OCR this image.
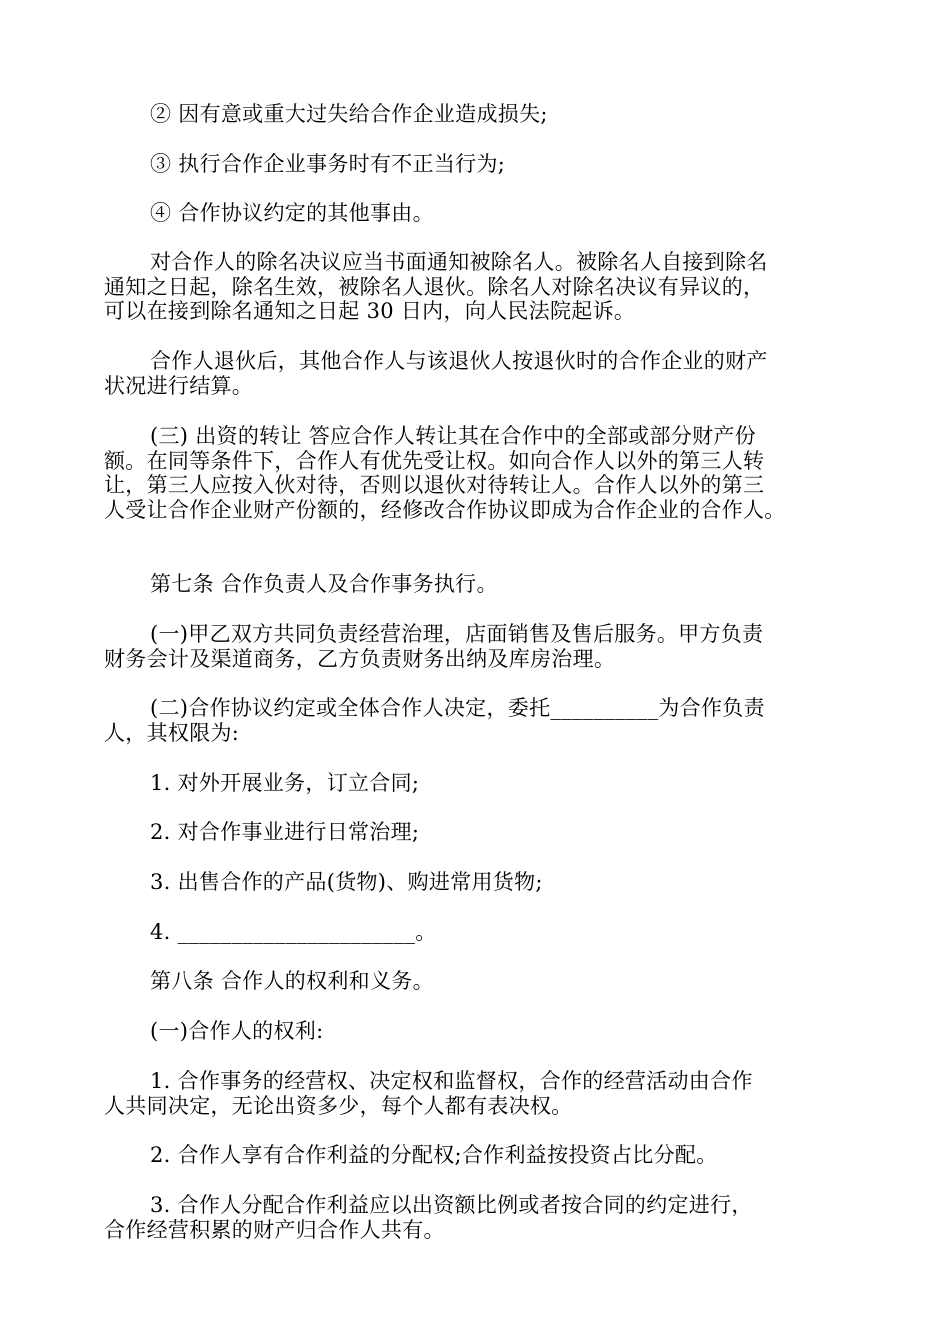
② 因有意或重大过失给合作企业造成损失;
③ 执行合作企业事务时有不正当行为;
④ 合作协议约定的其他事由。
对合作人的除名决议应当书面通知被除名人。被除名人自接到除名
通知之日起，除名生效，被除名人退伙。除名人对除名决议有异议的，
可以在接到除名通知之日起 30 日内，向人民法院起诉。
合作人退伙后，其他合作人与该退伙人按退伙时的合作企业的财产
状况进行结算。
(三) 出资的转让 答应合作人转让其在合作中的全部或部分财产份
额。在同等条件下，合作人有优先受让权。如向合作人以外的第三人转
让，第三人应按入伙对待，否则以退伙对待转让人。合作人以外的第三
人受让合作企业财产份额的，经修改合作协议即成为合作企业的合作人。
第七条 合作负责人及合作事务执行。
(一)甲乙双方共同负责经营治理，店面销售及售后服务。甲方负责
财务会计及渠道商务，乙方负责财务出纳及库房治理。
(二)合作协议约定或全体合作人决定，委托__________为合作负责
人，其权限为:
1. 对外开展业务，订立合同;
2. 对合作事业进行日常治理;
3. 出售合作的产品(货物)、购进常用货物;
4. ______________________。
第八条 合作人的权利和义务。
(一)合作人的权利:
1. 合作事务的经营权、决定权和监督权，合作的经营活动由合作
人共同决定，无论出资多少，每个人都有表决权。
2. 合作人享有合作利益的分配权;合作利益按投资占比分配。
3. 合作人分配合作利益应以出资额比例或者按合同的约定进行，
合作经营积累的财产归合作人共有。
